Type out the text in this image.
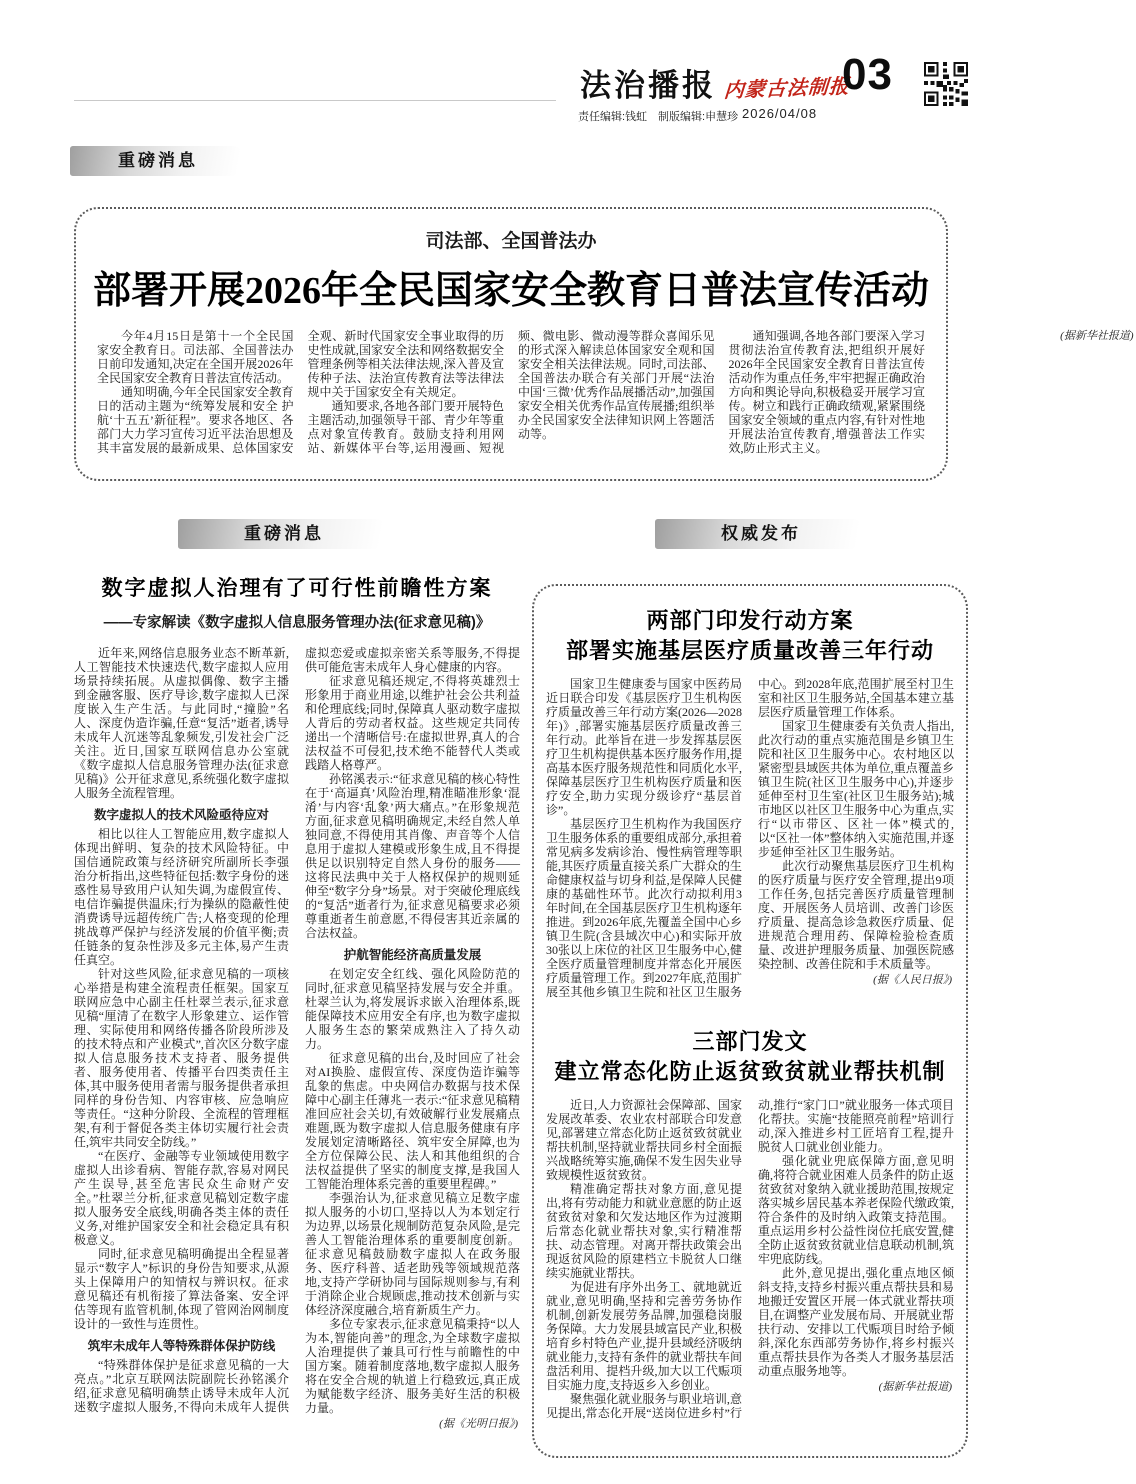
法治播报
责任编辑:钱虹　制版编辑:申慧珍
内蒙古法制报
2026/04/08
03
重磅消息
司法部、全国普法办
部署开展2026年全民国家安全教育日普法宣传活动

今年4月15日是第十一个全民国家安全教育日。司法部、全国普法办日前印发通知,决定在全国开展2026年全民国家安全教育日普法宣传活动。

通知明确,今年全民国家安全教育日的活动主题为“统筹发展和安全 护航‘十五五’新征程”。要求各地区、各部门大力学习宣传习近平法治思想及其丰富发展的最新成果、总体国家安全观、新时代国家安全事业取得的历史性成就,国家安全法和网络数据安全管理条例等相关法律法规,深入普及宣传种子法、法治宣传教育法等法律法规中关于国家安全有关规定。

通知要求,各地各部门要开展特色主题活动,加强领导干部、青少年等重点对象宣传教育。鼓励支持利用网站、新媒体平台等,运用漫画、短视频、微电影、微动漫等群众喜闻乐见的形式深入解读总体国家安全观和国家安全相关法律法规。同时,司法部、全国普法办联合有关部门开展“法治中国‘三微’优秀作品展播活动”,加强国家安全相关优秀作品宣传展播;组织举办全民国家安全法律知识网上答题活动等。

通知强调,各地各部门要深入学习贯彻法治宣传教育法,把组织开展好2026年全民国家安全教育日普法宣传活动作为重点任务,牢牢把握正确政治方向和舆论导向,积极稳妥开展学习宣传。树立和践行正确政绩观,紧紧围绕国家安全领域的重点内容,有针对性地开展法治宣传教育,增强普法工作实效,防止形式主义。

(据新华社报道)

重磅消息	权威发布
数字虚拟人治理有了可行性前瞻性方案
——专家解读《数字虚拟人信息服务管理办法(征求意见稿)》

近年来,网络信息服务业态不断革新,人工智能技术快速迭代,数字虚拟人应用场景持续拓展。从虚拟偶像、数字主播到金融客服、医疗导诊,数字虚拟人已深度嵌入生产生活。与此同时,“撞脸”名人、深度伪造诈骗,任意“复活”逝者,诱导未成年人沉迷等乱象频发,引发社会广泛关注。近日,国家互联网信息办公室就《数字虚拟人信息服务管理办法(征求意见稿)》公开征求意见,系统强化数字虚拟人服务全流程管理。

数字虚拟人的技术风险亟待应对

相比以往人工智能应用,数字虚拟人体现出鲜明、复杂的技术风险特征。中国信通院政策与经济研究所副所长李强治分析指出,这些特征包括:数字身份的迷惑性易导致用户认知失调,为虚假宣传、电信诈骗提供温床;行为操纵的隐蔽性使消费诱导远超传统广告;人格变现的伦理挑战尊严保护与经济发展的价值平衡;责任链条的复杂性涉及多元主体,易产生责任真空。

针对这些风险,征求意见稿的一项核心举措是构建全流程责任框架。国家互联网应急中心副主任杜翠兰表示,征求意见稿“厘清了在数字人形象建立、运作管理、实际使用和网络传播各阶段所涉及的技术特点和产业模式”,首次区分数字虚拟人信息服务技术支持者、服务提供者、服务使用者、传播平台四类责任主体,其中服务使用者需与服务提供者承担同样的身份告知、内容审核、应急响应等责任。“这种分阶段、全流程的管理框架,有利于督促各类主体切实履行社会责任,筑牢共同安全防线。”

“在医疗、金融等专业领域使用数字虚拟人出诊看病、智能存款,容易对网民产生误导,甚至危害民众生命财产安全。”杜翠兰分析,征求意见稿划定数字虚拟人服务安全底线,明确各类主体的责任义务,对维护国家安全和社会稳定具有积极意义。

同时,征求意见稿明确提出全程显著显示“数字人”标识的身份告知要求,从源头上保障用户的知情权与辨识权。征求意见稿还有机衔接了算法备案、安全评估等现有监管机制,体现了管网治网制度设计的一致性与连贯性。

筑牢未成年人等特殊群体保护防线

“特殊群体保护是征求意见稿的一大亮点。”北京互联网法院副院长孙铭溪介绍,征求意见稿明确禁止诱导未成年人沉迷数字虚拟人服务,不得向未成年人提供虚拟恋爱或虚拟亲密关系等服务,不得提供可能危害未成年人身心健康的内容。

征求意见稿还规定,不得将英雄烈士形象用于商业用途,以维护社会公共利益和伦理底线;同时,保障真人驱动数字虚拟人背后的劳动者权益。这些规定共同传递出一个清晰信号:在虚拟世界,真人的合法权益不可侵犯,技术绝不能替代人类或践踏人格尊严。

孙铭溪表示:“征求意见稿的核心特性在于‘高逼真’风险治理,精准瞄准形象‘混淆’与内容‘乱象’两大痛点。”在形象规范方面,征求意见稿明确规定,未经自然人单独同意,不得使用其肖像、声音等个人信息用于虚拟人建模或形象生成,且不得提供足以识别特定自然人身份的服务——这将民法典中关于人格权保护的规则延伸至“数字分身”场景。对于突破伦理底线的“复活”逝者行为,征求意见稿要求必须尊重逝者生前意愿,不得侵害其近亲属的合法权益。

护航智能经济高质量发展

在划定安全红线、强化风险防范的同时,征求意见稿坚持发展与安全并重。杜翠兰认为,将发展诉求嵌入治理体系,既能保障技术应用安全有序,也为数字虚拟人服务生态的繁荣成熟注入了持久动力。

征求意见稿的出台,及时回应了社会对AI换脸、虚假宣传、深度伪造诈骗等乱象的焦虑。中央网信办数据与技术保障中心副主任薄兆一表示:“征求意见稿精准回应社会关切,有效破解行业发展痛点难题,既为数字虚拟人信息服务健康有序发展划定清晰路径、筑牢安全屏障,也为全方位保障公民、法人和其他组织的合法权益提供了坚实的制度支撑,是我国人工智能治理体系完善的重要里程碑。”

李强治认为,征求意见稿立足数字虚拟人服务的小切口,坚持以人为本划定行为边界,以场景化规制防范复杂风险,是完善人工智能治理体系的重要制度创新。征求意见稿鼓励数字虚拟人在政务服务、医疗科普、适老助残等领域规范落地,支持产学研协同与国际规则参与,有利于消除企业合规顾虑,推动技术创新与实体经济深度融合,培育新质生产力。

多位专家表示,征求意见稿秉持“以人为本,智能向善”的理念,为全球数字虚拟人治理提供了兼具可行性与前瞻性的中国方案。随着制度落地,数字虚拟人服务将在安全合规的轨道上行稳致远,真正成为赋能数字经济、服务美好生活的积极力量。

(据《光明日报》)

两部门印发行动方案
部署实施基层医疗质量改善三年行动

国家卫生健康委与国家中医药局近日联合印发《基层医疗卫生机构医疗质量改善三年行动方案(2026—2028年)》,部署实施基层医疗质量改善三年行动。此举旨在进一步发挥基层医疗卫生机构提供基本医疗服务作用,提高基本医疗服务规范性和同质化水平,保障基层医疗卫生机构医疗质量和医疗安全,助力实现分级诊疗“基层首诊”。

基层医疗卫生机构作为我国医疗卫生服务体系的重要组成部分,承担着常见病多发病诊治、慢性病管理等职能,其医疗质量直接关系广大群众的生命健康权益与切身利益,是保障人民健康的基础性环节。此次行动拟利用3年时间,在全国基层医疗卫生机构逐年推进。到2026年底,先覆盖全国中心乡镇卫生院(含县域次中心)和实际开放30张以上床位的社区卫生服务中心,健全医疗质量管理制度并常态化开展医疗质量管理工作。到2027年底,范围扩展至其他乡镇卫生院和社区卫生服务中心。到2028年底,范围扩展至村卫生室和社区卫生服务站,全国基本建立基层医疗质量管理工作体系。

国家卫生健康委有关负责人指出,此次行动的重点实施范围是乡镇卫生院和社区卫生服务中心。农村地区以紧密型县域医共体为单位,重点覆盖乡镇卫生院(社区卫生服务中心),并逐步延伸至村卫生室(社区卫生服务站);城市地区以社区卫生服务中心为重点,实行“以市带区、区社一体”模式的,以“区社一体”整体纳入实施范围,并逐步延伸至社区卫生服务站。

此次行动聚焦基层医疗卫生机构的医疗质量与医疗安全管理,提出9项工作任务,包括完善医疗质量管理制度、开展医务人员培训、改善门诊医疗质量、提高急诊急救医疗质量、促进规范合理用药、保障检验检查质量、改进护理服务质量、加强医院感染控制、改善住院和手术质量等。

(据《人民日报》)

三部门发文
建立常态化防止返贫致贫就业帮扶机制

近日,人力资源社会保障部、国家发展改革委、农业农村部联合印发意见,部署建立常态化防止返贫致贫就业帮扶机制,坚持就业帮扶同乡村全面振兴战略统筹实施,确保不发生因失业导致规模性返贫致贫。

精准确定帮扶对象方面,意见提出,将有劳动能力和就业意愿的防止返贫致贫对象和欠发达地区作为过渡期后常态化就业帮扶对象,实行精准帮扶、动态管理。对离开帮扶政策会出现返贫风险的原建档立卡脱贫人口继续实施就业帮扶。

为促进有序外出务工、就地就近就业,意见明确,坚持和完善劳务协作机制,创新发展劳务品牌,加强稳岗服务保障。大力发展县域富民产业,积极培育乡村特色产业,提升县域经济吸纳就业能力,支持有条件的就业帮扶车间盘活利用、提档升级,加大以工代赈项目实施力度,支持返乡入乡创业。

聚焦强化就业服务与职业培训,意见提出,常态化开展“送岗位进乡村”行动,推行“家门口”就业服务一体式项目化帮扶。实施“技能照亮前程”培训行动,深入推进乡村工匠培育工程,提升脱贫人口就业创业能力。

强化就业兜底保障方面,意见明确,将符合就业困难人员条件的防止返贫致贫对象纳入就业援助范围,按规定落实城乡居民基本养老保险代缴政策,符合条件的及时纳入政策支持范围。重点运用乡村公益性岗位托底安置,健全防止返贫致贫就业信息联动机制,筑牢兜底防线。

此外,意见提出,强化重点地区倾斜支持,支持乡村振兴重点帮扶县和易地搬迁安置区开展一体式就业帮扶项目,在调整产业发展布局、开展就业帮扶行动、安排以工代赈项目时给予倾斜,深化东西部劳务协作,将乡村振兴重点帮扶县作为各类人才服务基层活动重点服务地等。

(据新华社报道)
